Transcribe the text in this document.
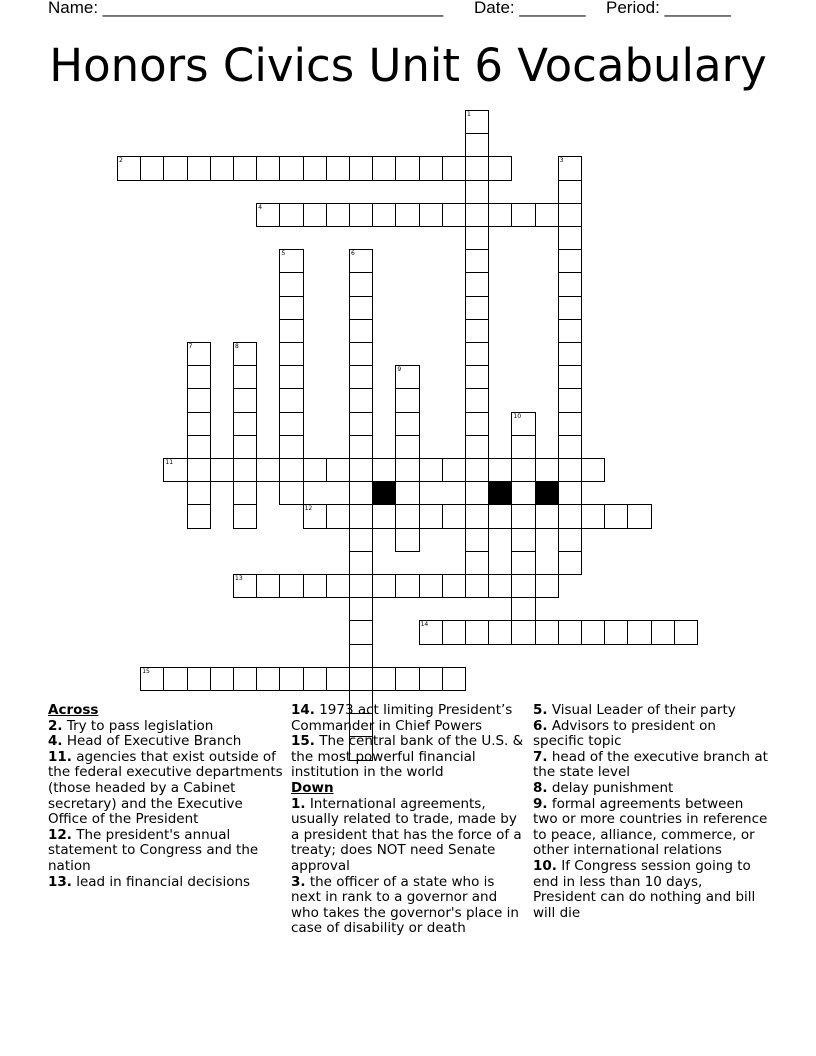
Name: ____________________________________ Date: _______ Period: _______
Honors Civics Unit 6 Vocabulary
1
2	3
4
5	6
7	8
9
10
11
12
13
14
15
Across
2. Try to pass legislation
4. Head of Executive Branch
11. agencies that exist outside of the federal executive departments (those headed by a Cabinet secretary) and the Executive Office of the President
12. The president's annual statement to Congress and the nation
13. lead in financial decisions
14. 1973 act limiting President’s Commander in Chief Powers
15. The central bank of the U.S. & the most powerful financial institution in the world
Down
1. International agreements, usually related to trade, made by a president that has the force of a treaty; does NOT need Senate approval
3. the officer of a state who is next in rank to a governor and who takes the governor's place in case of disability or death
5. Visual Leader of their party
6. Advisors to president on specific topic
7. head of the executive branch at the state level
8. delay punishment
9. formal agreements between two or more countries in reference to peace, alliance, commerce, or other international relations
10. If Congress session going to end in less than 10 days, President can do nothing and bill will die
